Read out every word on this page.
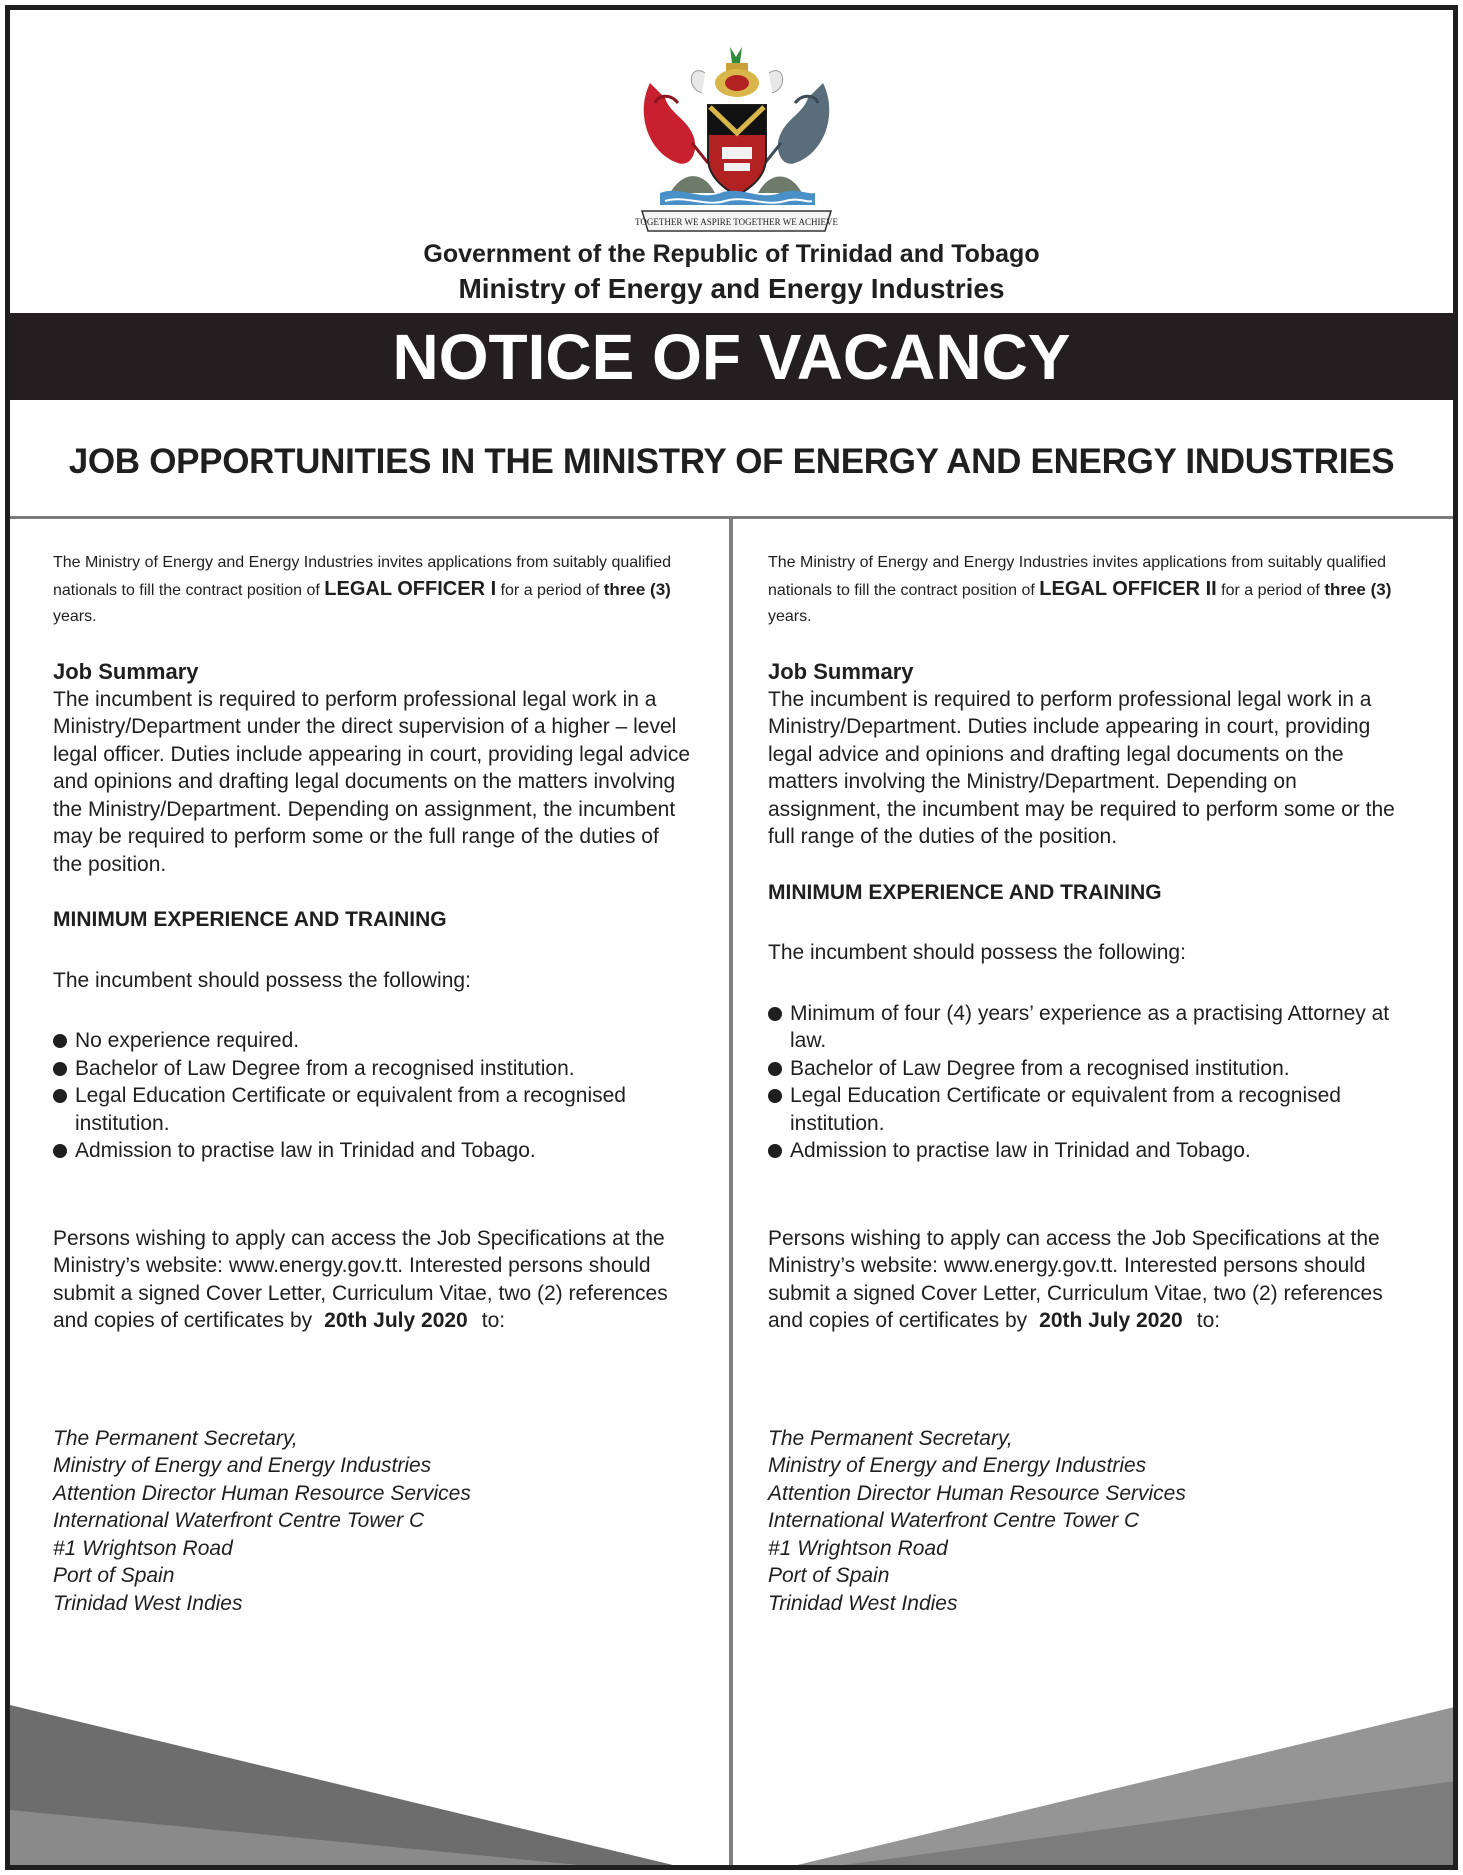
TOGETHER WE ASPIRE TOGETHER WE ACHIEVE
Government of the Republic of Trinidad and Tobago
Ministry of Energy and Energy Industries
NOTICE OF VACANCY
JOB OPPORTUNITIES IN THE MINISTRY OF ENERGY AND ENERGY INDUSTRIES

The Ministry of Energy and Energy Industries invites applications from suitably qualified nationals to fill the contract position of LEGAL OFFICER I for a period of three (3) years.

Job Summary

The incumbent is required to perform professional legal work in a Ministry/Department under the direct supervision of a higher – level legal officer. Duties include appearing in court, providing legal advice and opinions and drafting legal documents on the matters involving the Ministry/Department. Depending on assignment, the incumbent may be required to perform some or the full range of the duties of the position.

MINIMUM EXPERIENCE AND TRAINING

The incumbent should possess the following:

No experience required.
Bachelor of Law Degree from a recognised institution.
Legal Education Certificate or equivalent from a recognised institution.
Admission to practise law in Trinidad and Tobago.

Persons wishing to apply can access the Job Specifications at the Ministry’s website: www.energy.gov.tt. Interested persons should submit a signed Cover Letter, Curriculum Vitae, two (2) references and copies of certificates by 20th July 2020 to:

The Permanent Secretary,
Ministry of Energy and Energy Industries
Attention Director Human Resource Services
International Waterfront Centre Tower C
#1 Wrightson Road
Port of Spain
Trinidad West Indies

The Ministry of Energy and Energy Industries invites applications from suitably qualified nationals to fill the contract position of LEGAL OFFICER II for a period of three (3) years.

Job Summary

The incumbent is required to perform professional legal work in a Ministry/Department. Duties include appearing in court, providing legal advice and opinions and drafting legal documents on the matters involving the Ministry/Department. Depending on assignment, the incumbent may be required to perform some or the full range of the duties of the position.

MINIMUM EXPERIENCE AND TRAINING

The incumbent should possess the following:

Minimum of four (4) years’ experience as a practising Attorney at law.
Bachelor of Law Degree from a recognised institution.
Legal Education Certificate or equivalent from a recognised institution.
Admission to practise law in Trinidad and Tobago.

Persons wishing to apply can access the Job Specifications at the Ministry’s website: www.energy.gov.tt. Interested persons should submit a signed Cover Letter, Curriculum Vitae, two (2) references and copies of certificates by 20th July 2020 to:

The Permanent Secretary,
Ministry of Energy and Energy Industries
Attention Director Human Resource Services
International Waterfront Centre Tower C
#1 Wrightson Road
Port of Spain
Trinidad West Indies
